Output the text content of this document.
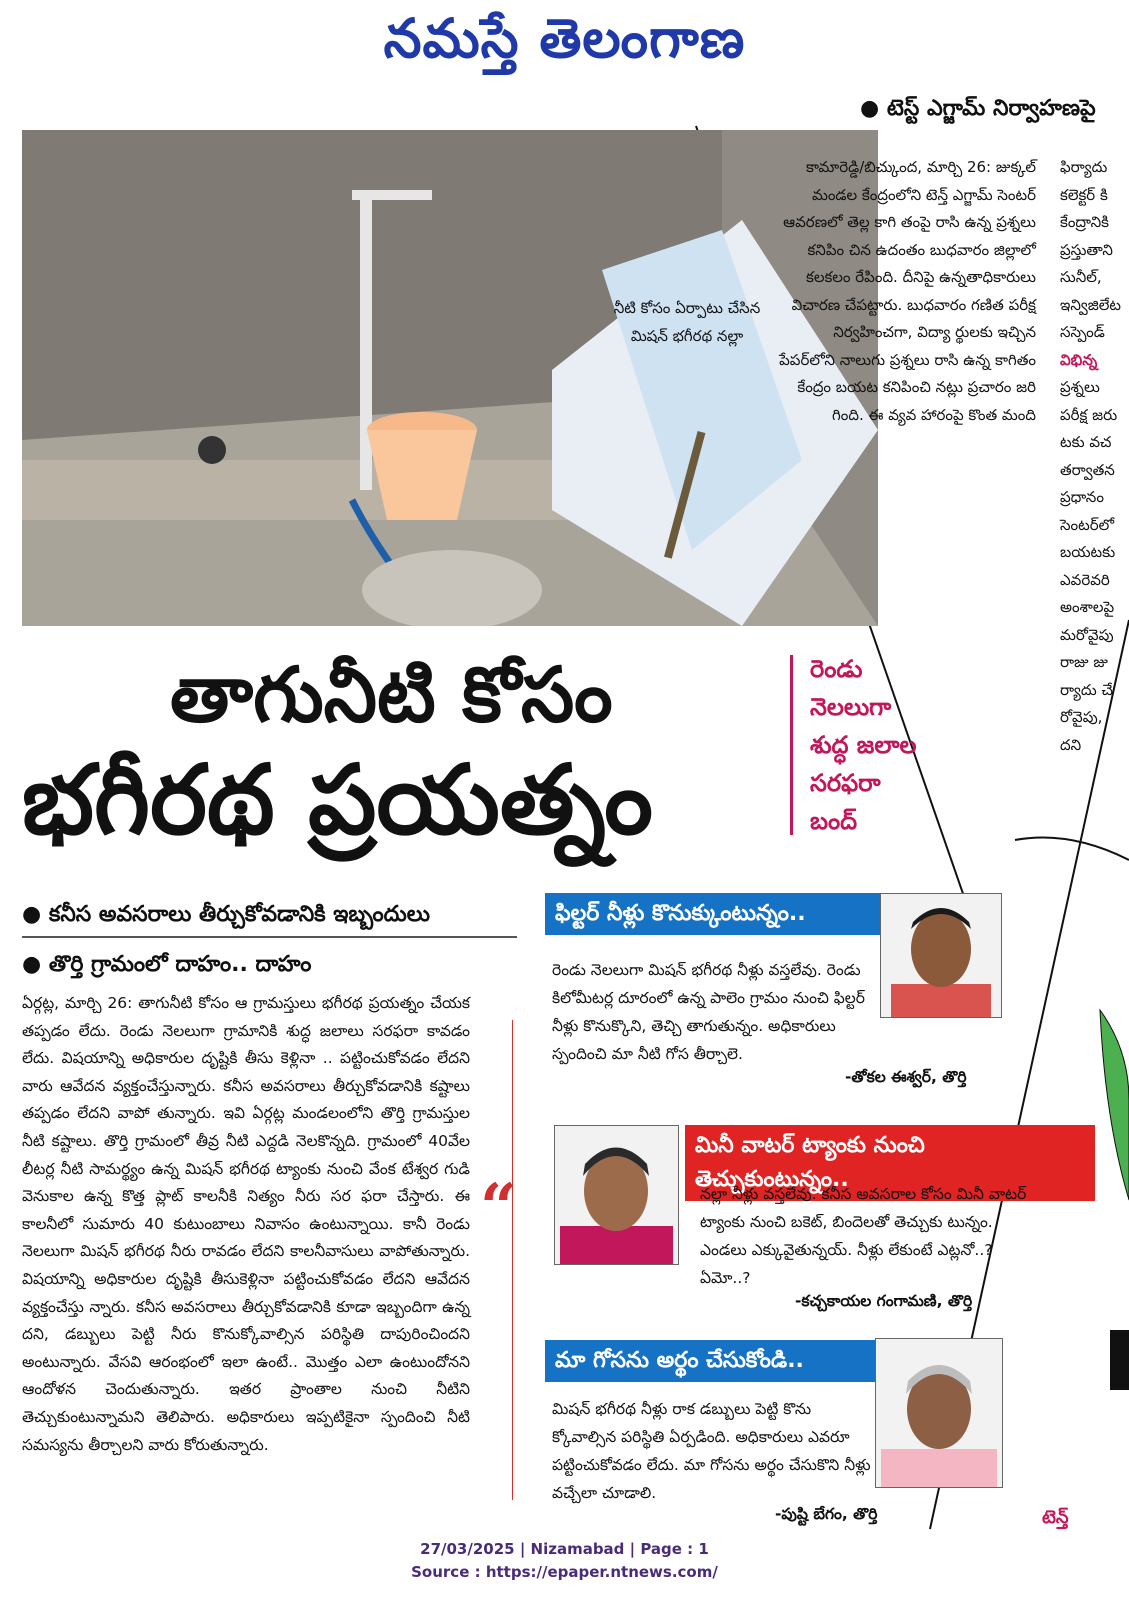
నమస్తే తెలంగాణ
● టెస్ట్ ఎగ్జామ్ నిర్వాహణపై
నీటి కోసం ఏర్పాటు చేసిన మిషన్ భగీరథ నల్లా
కామారెడ్డి/బిచ్కుంద, మార్చి 26: జుక్కల్ మండల కేంద్రంలోని టెన్త్ ఎగ్జామ్ సెంటర్ ఆవరణలో తెల్ల కాగి తంపై రాసి ఉన్న ప్రశ్నలు కనిపిం చిన ఉదంతం బుధవారం జిల్లాలో కలకలం రేపింది. దీనిపై ఉన్నతాధికారులు విచారణ చేపట్టారు. బుధవారం గణిత పరీక్ష నిర్వహించగా, విద్యా ర్థులకు ఇచ్చిన పేపర్‌లోని నాలుగు ప్రశ్నలు రాసి ఉన్న కాగితం కేంద్రం బయట కనిపించి నట్లు ప్రచారం జరి గింది. ఈ వ్యవ హారంపై కొంత మంది
ఫిర్యాదు
కలెక్టర్ కి
కేంద్రానికి
ప్రస్తుతాని
సునీల్,
ఇన్విజిలేట
సస్పెండ్
విభిన్న
ప్రశ్నలు
పరీక్ష జరు
టకు వచ
తర్వాతన
ప్రధానం
సెంటర్‌లో
బయటకు
ఎవరెవరి
అంశాలపై
మరోవైపు
రాజు జు
ర్యాదు చే
రోవైపు,
దని
తాగునీటి కోసం
భగీరథ ప్రయత్నం
రెండు
నెలలుగా
శుద్ధ జలాల
సరఫరా
బంద్
● కనీస అవసరాలు తీర్చుకోవడానికి ఇబ్బందులు
● తొర్తి గ్రామంలో దాహం.. దాహం
ఏర్గట్ల, మార్చి 26: తాగునీటి కోసం ఆ గ్రామస్తులు భగీరథ ప్రయత్నం చేయక తప్పడం లేదు. రెండు నెలలుగా గ్రామానికి శుద్ధ జలాలు సరఫరా కావడం లేదు. విషయాన్ని అధికారుల దృష్టికి తీసు కెళ్లినా .. పట్టించుకోవడం లేదని వారు ఆవేదన వ్యక్తంచేస్తున్నారు. కనీస అవసరాలు తీర్చుకోవడానికి కష్టాలు తప్పడం లేదని వాపో తున్నారు. ఇవి ఏర్గట్ల మండలంలోని తొర్తి గ్రామస్తుల నీటి కష్టాలు. తొర్తి గ్రామంలో తీవ్ర నీటి ఎద్దడి నెలకొన్నది. గ్రామంలో 40వేల లీటర్ల నీటి సామర్థ్యం ఉన్న మిషన్ భగీరథ ట్యాంకు నుంచి వేంక టేశ్వర గుడి వెనుకాల ఉన్న కొత్త ప్లాట్ కాలనీకి నిత్యం నీరు సర ఫరా చేస్తారు. ఈ కాలనీలో సుమారు 40 కుటుంబాలు నివాసం ఉంటున్నాయి. కానీ రెండు నెలలుగా మిషన్ భగీరథ నీరు రావడం లేదని కాలనీవాసులు వాపోతున్నారు. విషయాన్ని అధికారుల దృష్టికి తీసుకెళ్లినా పట్టించుకోవడం లేదని ఆవేదన వ్యక్తంచేస్తు న్నారు. కనీస అవసరాలు తీర్చుకోవడానికి కూడా ఇబ్బందిగా ఉన్న దని, డబ్బులు పెట్టి నీరు కొనుక్కోవాల్సిన పరిస్థితి దాపురించిందని అంటున్నారు. వేసవి ఆరంభంలో ఇలా ఉంటే.. మొత్తం ఎలా ఉంటుందోనని ఆందోళన చెందుతున్నారు. ఇతర ప్రాంతాల నుంచి నీటిని తెచ్చుకుంటున్నామని తెలిపారు. అధికారులు ఇప్పటికైనా స్పందించి నీటి సమస్యను తీర్చాలని వారు కోరుతున్నారు.
“
ఫిల్టర్ నీళ్లు కొనుక్కుంటున్నం..
రెండు నెలలుగా మిషన్ భగీరథ నీళ్లు వస్తలేవు. రెండు కిలోమీటర్ల దూరంలో ఉన్న పాలెం గ్రామం నుంచి ఫిల్టర్ నీళ్లు కొనుక్కొని, తెచ్చి తాగుతున్నం. అధికారులు స్పందించి మా నీటి గోస తీర్చాలె.
-తోకల ఈశ్వర్, తొర్తి
మినీ వాటర్ ట్యాంకు నుంచి తెచ్చుకుంటున్నం..
నల్లా నీళ్లు వస్తలేవు. కనీస అవసరాల కోసం మినీ వాటర్ ట్యాంకు నుంచి బకెట్, బిందెలతో తెచ్చుకు టున్నం. ఎండలు ఎక్కువైతున్నయ్. నీళ్లు లేకుంటే ఎట్లనో..? ఏమో..?
-కచ్చకాయల గంగామణి, తొర్తి
మా గోసను అర్థం చేసుకోండి..
మిషన్ భగీరథ నీళ్లు రాక డబ్బులు పెట్టి కొను క్కోవాల్సిన పరిస్థితి ఏర్పడింది. అధికారులు ఎవరూ పట్టించుకోవడం లేదు. మా గోసను అర్థం చేసుకొని నీళ్లు వచ్చేలా చూడాలి.
-పుష్టి బేగం, తొర్తి	టెన్త్
27/03/2025 | Nizamabad | Page : 1
Source : https://epaper.ntnews.com/
